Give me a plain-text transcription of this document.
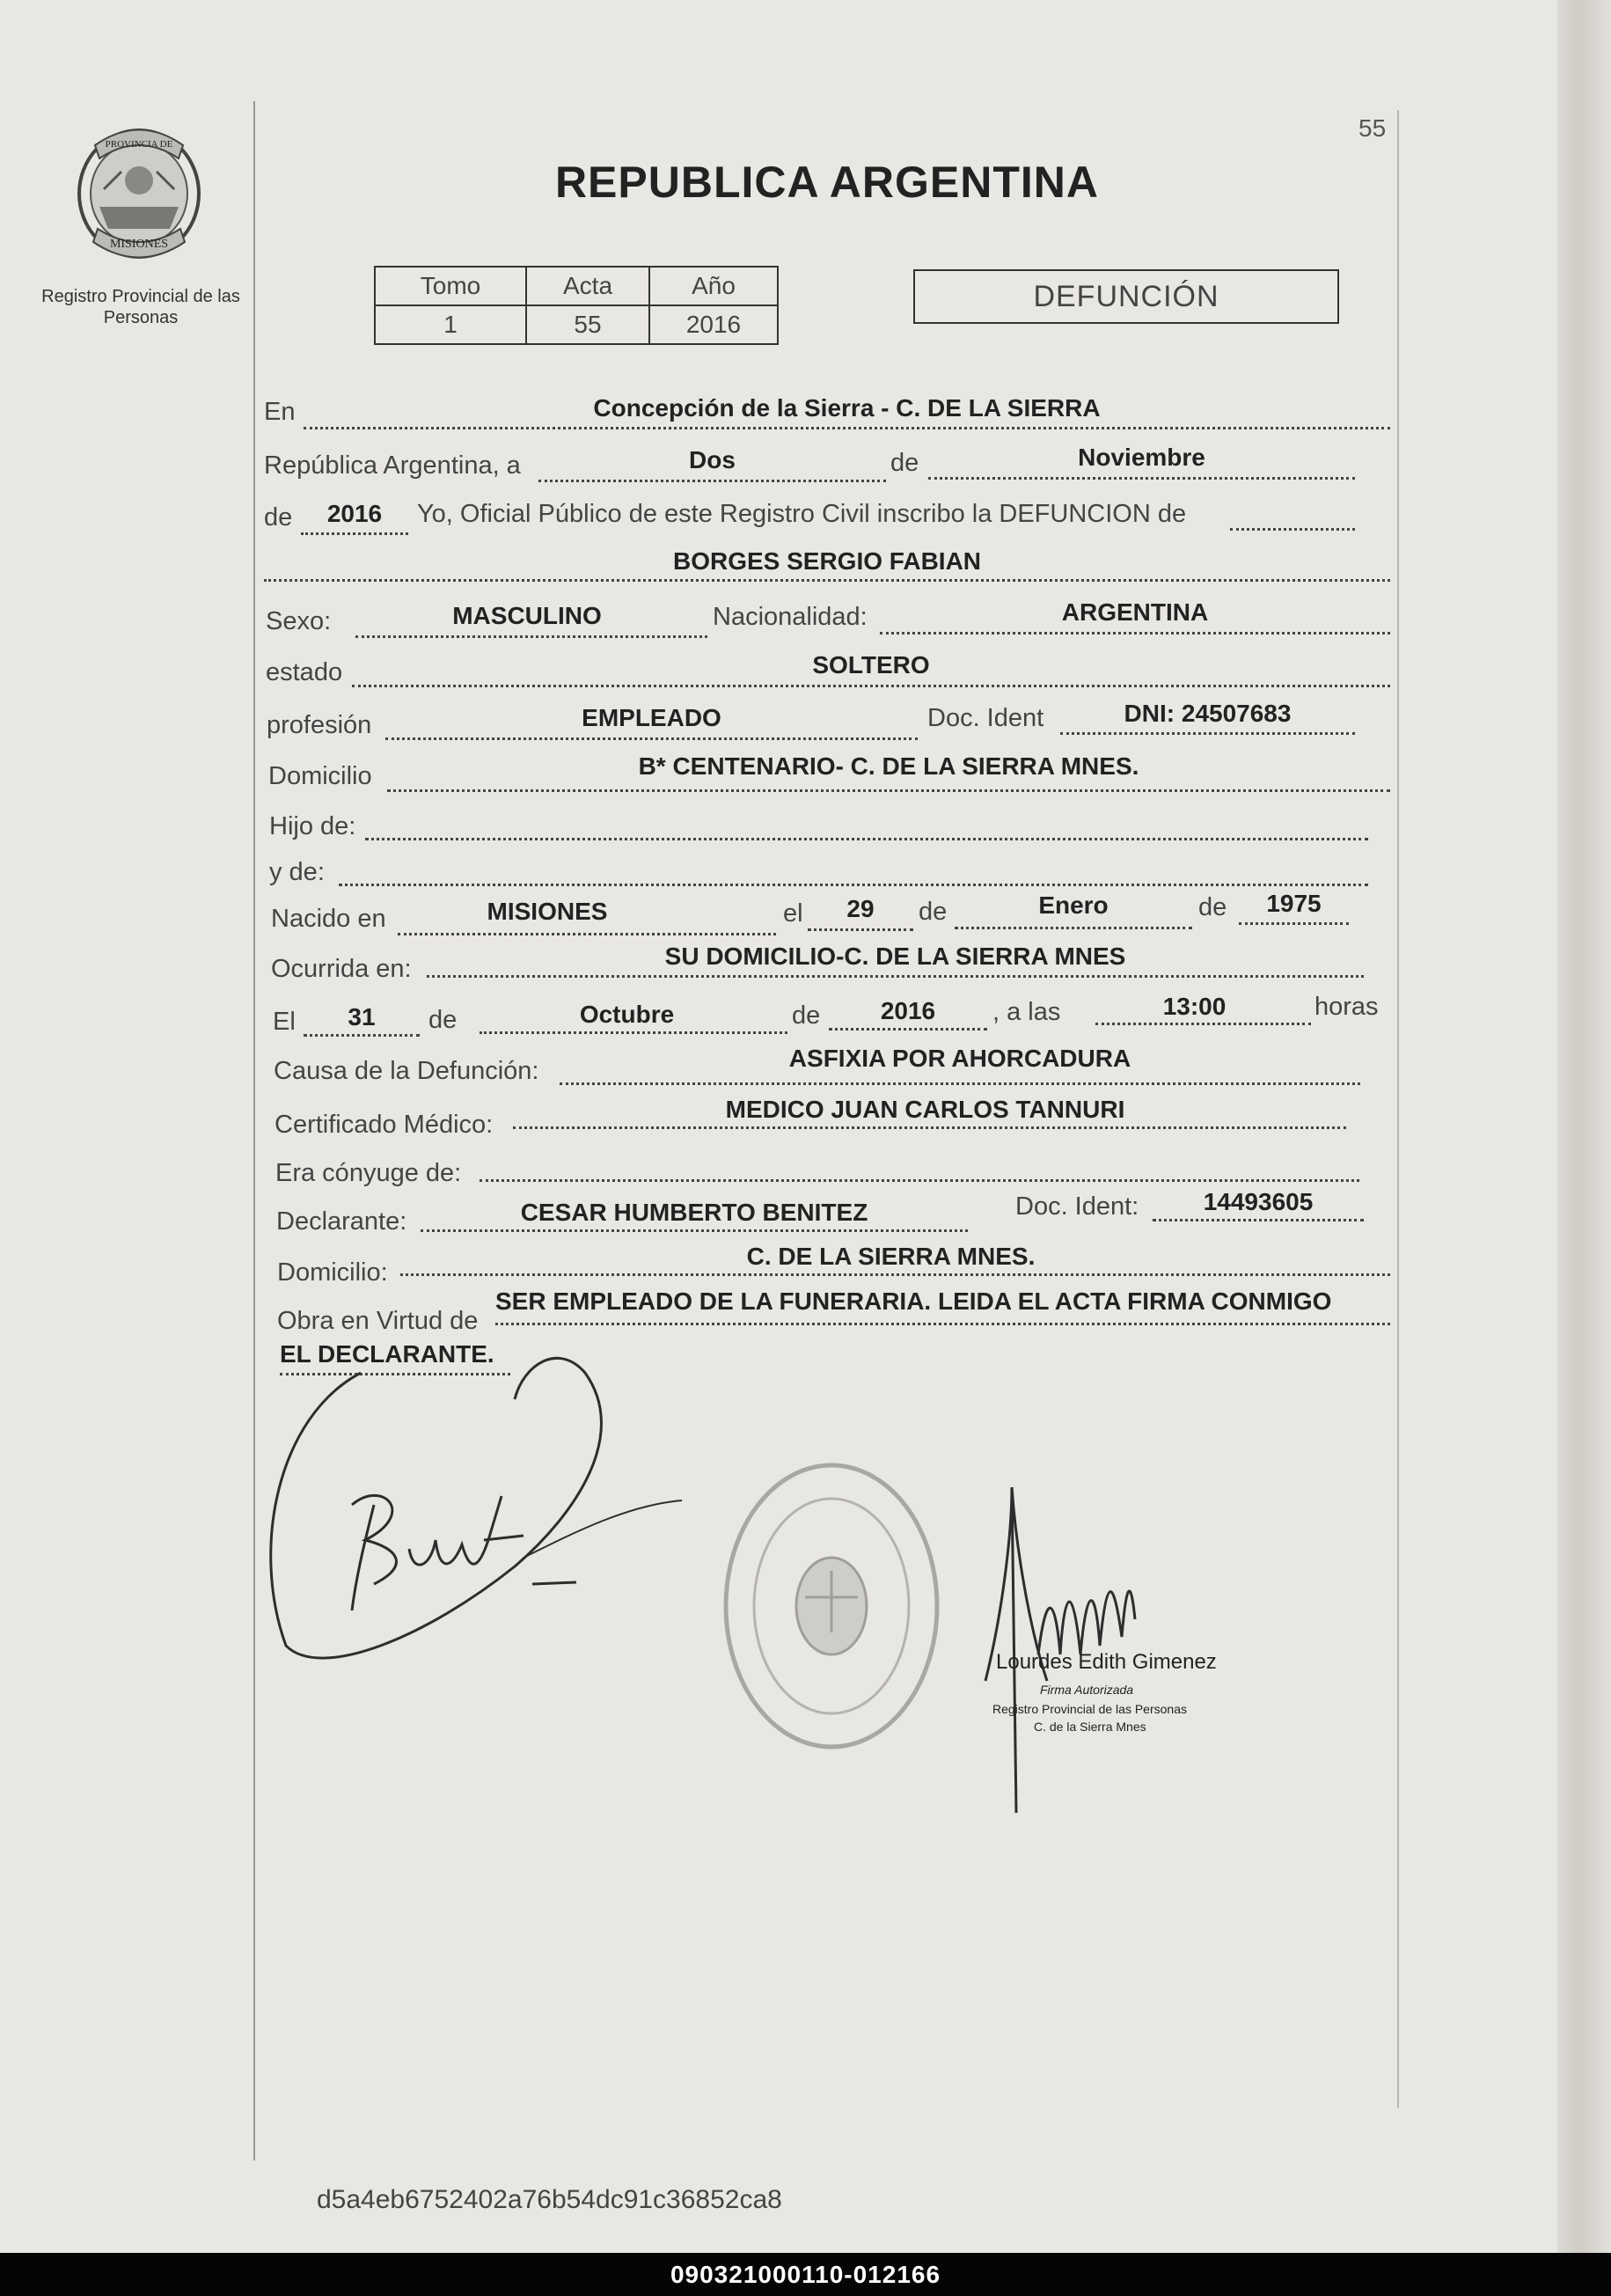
55
PROVINCIA DE
MISIONES
Registro Provincial de las Personas
REPUBLICA ARGENTINA
Tomo	Acta	Año
1	55	2016
DEFUNCIÓN
En	Concepción de la Sierra - C. DE LA SIERRA
República Argentina, a	Dos	de	Noviembre
de	2016	Yo, Oficial Público de este Registro Civil inscribo la DEFUNCION de
BORGES SERGIO FABIAN
Sexo:	MASCULINO	Nacionalidad:	ARGENTINA
estado	SOLTERO
profesión	EMPLEADO	Doc. Ident	DNI: 24507683
Domicilio	B* CENTENARIO- C. DE LA SIERRA MNES.
Hijo de:
y de:
Nacido en	MISIONES	el	29	de	Enero	de	1975
Ocurrida en:	SU DOMICILIO-C. DE LA SIERRA MNES
El	31	de	Octubre	de	2016	, a las	13:00	horas
Causa de la Defunción:	ASFIXIA POR AHORCADURA
Certificado Médico:
MEDICO JUAN CARLOS TANNURI
Era cónyuge de:
Declarante:	CESAR HUMBERTO BENITEZ	Doc. Ident:	14493605
Domicilio:
C. DE LA SIERRA MNES.
Obra en Virtud de
SER EMPLEADO DE LA FUNERARIA. LEIDA EL ACTA FIRMA CONMIGO
EL DECLARANTE.
Lourdes Edith Gimenez
Firma Autorizada
Registro Provincial de las Personas
C. de la Sierra Mnes
d5a4eb6752402a76b54dc91c36852ca8
090321000110-012166
